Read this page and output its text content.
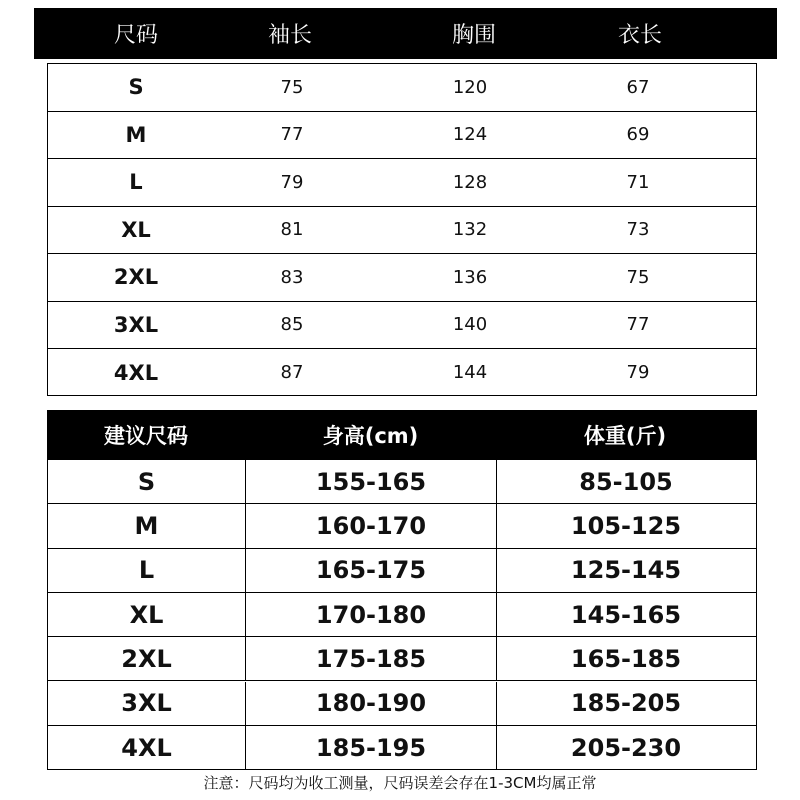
尺码	袖长	胸围	衣长
S	75	120	67
M	77	124	69
L	79	128	71
XL	81	132	73
2XL	83	136	75
3XL	85	140	77
4XL	87	144	79
建议尺码	身高(cm)	体重(斤)
S	155-165	85-105
M	160-170	105-125
L	165-175	125-145
XL	170-180	145-165
2XL	175-185	165-185
3XL	180-190	185-205
4XL	185-195	205-230
注意：尺码均为收工测量，尺码误差会存在1-3CM均属正常
